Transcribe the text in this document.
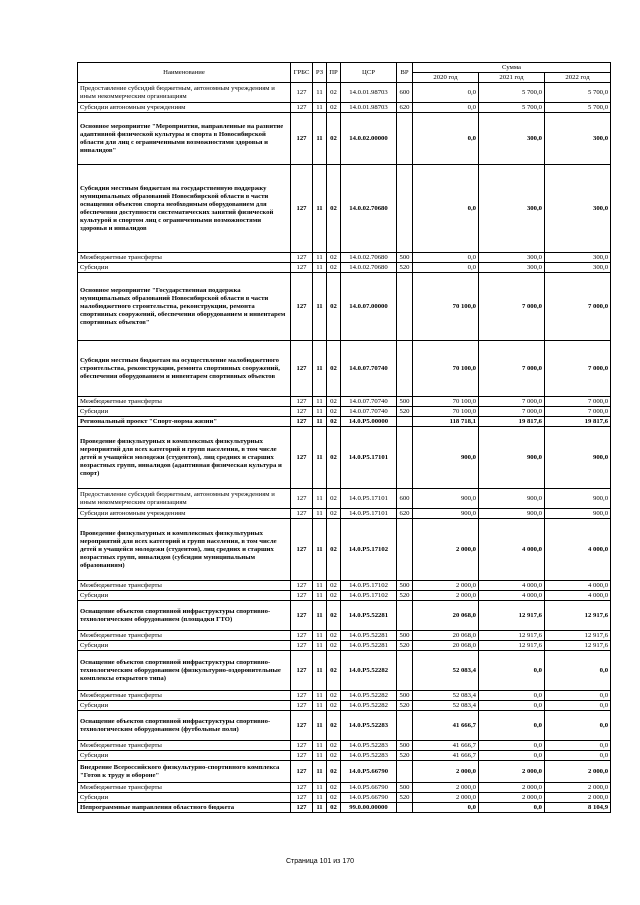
Наименование	ГРБС	РЗ	ПР	ЦСР	ВР	Сумма		
						2020 год	2021 год	2022 год
Предоставление субсидий бюджетным, автономным учреждениям и иным некоммерческим организациям	127	11	02	14.0.01.98703	600	0,0	5 700,0	5 700,0
Субсидии автономным учреждениям	127	11	02	14.0.01.98703	620	0,0	5 700,0	5 700,0
Основное мероприятие "Мероприятия, направленные на развитие адаптивной физической культуры и спорта в Новосибирской области для лиц с ограниченными возможностями здоровья и инвалидов"	127	11	02	14.0.02.00000		0,0	300,0	300,0
Субсидии местным бюджетам на государственную поддержку муниципальных образований Новосибирской области в части оснащения объектов спорта необходимым оборудованием для обеспечения доступности систематических занятий физической культурой и спортом лиц с ограниченными возможностями здоровья и инвалидов	127	11	02	14.0.02.70680		0,0	300,0	300,0
Межбюджетные трансферты	127	11	02	14.0.02.70680	500	0,0	300,0	300,0
Субсидии	127	11	02	14.0.02.70680	520	0,0	300,0	300,0
Основное мероприятие "Государственная поддержка муниципальных образований Новосибирской области в части малобюджетного строительства, реконструкции, ремонта спортивных сооружений, обеспечения оборудованием и инвентарем спортивных объектов"	127	11	02	14.0.07.00000		70 100,0	7 000,0	7 000,0
Субсидии местным бюджетам на осуществление малобюджетного строительства, реконструкции, ремонта спортивных сооружений, обеспечения оборудованием и инвентарем спортивных объектов	127	11	02	14.0.07.70740		70 100,0	7 000,0	7 000,0
Межбюджетные трансферты	127	11	02	14.0.07.70740	500	70 100,0	7 000,0	7 000,0
Субсидии	127	11	02	14.0.07.70740	520	70 100,0	7 000,0	7 000,0
Региональный проект "Спорт-норма жизни"	127	11	02	14.0.P5.00000		118 718,1	19 817,6	19 817,6
Проведение физкультурных и комплексных физкультурных мероприятий для всех категорий и групп населения, в том числе детей и учащейся молодежи (студентов), лиц средних и старших возрастных групп, инвалидов (адаптивная физическая культура и спорт)	127	11	02	14.0.P5.17101		900,0	900,0	900,0
Предоставление субсидий бюджетным, автономным учреждениям и иным некоммерческим организациям	127	11	02	14.0.P5.17101	600	900,0	900,0	900,0
Субсидии автономным учреждениям	127	11	02	14.0.P5.17101	620	900,0	900,0	900,0
Проведение физкультурных и комплексных физкультурных мероприятий для всех категорий и групп населения, в том числе детей и учащейся молодежи (студентов), лиц средних и старших возрастных групп, инвалидов (субсидии муниципальным образованиям)	127	11	02	14.0.P5.17102		2 000,0	4 000,0	4 000,0
Межбюджетные трансферты	127	11	02	14.0.P5.17102	500	2 000,0	4 000,0	4 000,0
Субсидии	127	11	02	14.0.P5.17102	520	2 000,0	4 000,0	4 000,0
Оснащение объектов спортивной инфраструктуры спортивно-технологическим оборудованием (площадки ГТО)	127	11	02	14.0.P5.52281		20 068,0	12 917,6	12 917,6
Межбюджетные трансферты	127	11	02	14.0.P5.52281	500	20 068,0	12 917,6	12 917,6
Субсидии	127	11	02	14.0.P5.52281	520	20 068,0	12 917,6	12 917,6
Оснащение объектов спортивной инфраструктуры спортивно-технологическим оборудованием (физкультурно-оздоровительные комплексы открытого типа)	127	11	02	14.0.P5.52282		52 083,4	0,0	0,0
Межбюджетные трансферты	127	11	02	14.0.P5.52282	500	52 083,4	0,0	0,0
Субсидии	127	11	02	14.0.P5.52282	520	52 083,4	0,0	0,0
Оснащение объектов спортивной инфраструктуры спортивно-технологическим оборудованием (футбольные поля)	127	11	02	14.0.P5.52283		41 666,7	0,0	0,0
Межбюджетные трансферты	127	11	02	14.0.P5.52283	500	41 666,7	0,0	0,0
Субсидии	127	11	02	14.0.P5.52283	520	41 666,7	0,0	0,0
Внедрение Всероссийского физкультурно-спортивного комплекса "Готов к труду и обороне"	127	11	02	14.0.P5.66790		2 000,0	2 000,0	2 000,0
Межбюджетные трансферты	127	11	02	14.0.P5.66790	500	2 000,0	2 000,0	2 000,0
Субсидии	127	11	02	14.0.P5.66790	520	2 000,0	2 000,0	2 000,0
Непрограммные направления областного бюджета	127	11	02	99.0.00.00000		0,0	0,0	8 104,9
Страница 101 из 170
